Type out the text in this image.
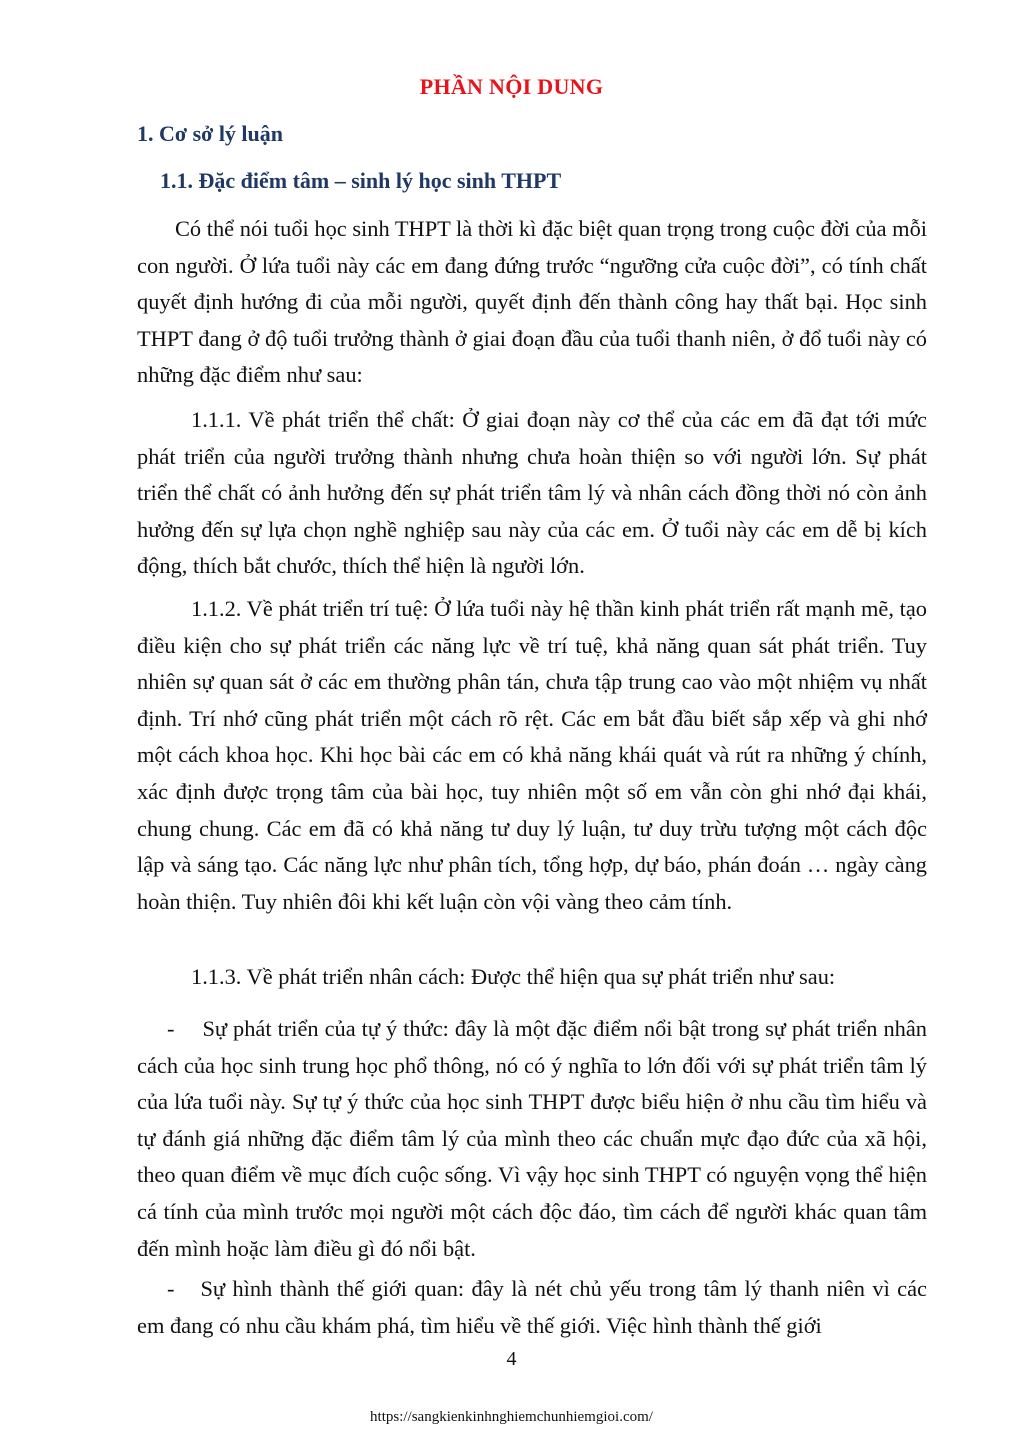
PHẦN NỘI DUNG
1. Cơ sở lý luận
1.1. Đặc điểm tâm – sinh lý học sinh THPT
Có thể nói tuổi học sinh THPT là thời kì đặc biệt quan trọng trong cuộc đời của mỗi con người. Ở lứa tuổi này các em đang đứng trước “ngưỡng cửa cuộc đời”, có tính chất quyết định hướng đi của mỗi người, quyết định đến thành công hay thất bại. Học sinh THPT đang ở độ tuổi trưởng thành ở giai đoạn đầu của tuổi thanh niên, ở đổ tuổi này có những đặc điểm như sau:
1.1.1. Về phát triển thể chất: Ở giai đoạn này cơ thể của các em đã đạt tới mức phát triển của người trưởng thành nhưng chưa hoàn thiện so với người lớn. Sự phát triển thể chất có ảnh hưởng đến sự phát triển tâm lý và nhân cách đồng thời nó còn ảnh hưởng đến sự lựa chọn nghề nghiệp sau này của các em. Ở tuổi này các em dễ bị kích động, thích bắt chước, thích thể hiện là người lớn.
1.1.2. Về phát triển trí tuệ: Ở lứa tuổi này hệ thần kinh phát triển rất mạnh mẽ, tạo điều kiện cho sự phát triển các năng lực về trí tuệ, khả năng quan sát phát triển. Tuy nhiên sự quan sát ở các em thường phân tán, chưa tập trung cao vào một nhiệm vụ nhất định. Trí nhớ cũng phát triển một cách rõ rệt. Các em bắt đầu biết sắp xếp và ghi nhớ một cách khoa học. Khi học bài các em có khả năng khái quát và rút ra những ý chính, xác định được trọng tâm của bài học, tuy nhiên một số em vẫn còn ghi nhớ đại khái, chung chung. Các em đã có khả năng tư duy lý luận, tư duy trừu tượng một cách độc lập và sáng tạo. Các năng lực như phân tích, tổng hợp, dự báo, phán đoán … ngày càng hoàn thiện. Tuy nhiên đôi khi kết luận còn vội vàng theo cảm tính.
1.1.3. Về phát triển nhân cách: Được thể hiện qua sự phát triển như sau:
- Sự phát triển của tự ý thức: đây là một đặc điểm nổi bật trong sự phát triển nhân cách của học sinh trung học phổ thông, nó có ý nghĩa to lớn đối với sự phát triển tâm lý của lứa tuổi này. Sự tự ý thức của học sinh THPT được biểu hiện ở nhu cầu tìm hiểu và tự đánh giá những đặc điểm tâm lý của mình theo các chuẩn mực đạo đức của xã hội, theo quan điểm về mục đích cuộc sống. Vì vậy học sinh THPT có nguyện vọng thể hiện cá tính của mình trước mọi người một cách độc đáo, tìm cách để người khác quan tâm đến mình hoặc làm điều gì đó nổi bật.
- Sự hình thành thế giới quan: đây là nét chủ yếu trong tâm lý thanh niên vì các em đang có nhu cầu khám phá, tìm hiểu về thế giới. Việc hình thành thế giới
4
https://sangkienkinhnghiemchunhiemgioi.com/
